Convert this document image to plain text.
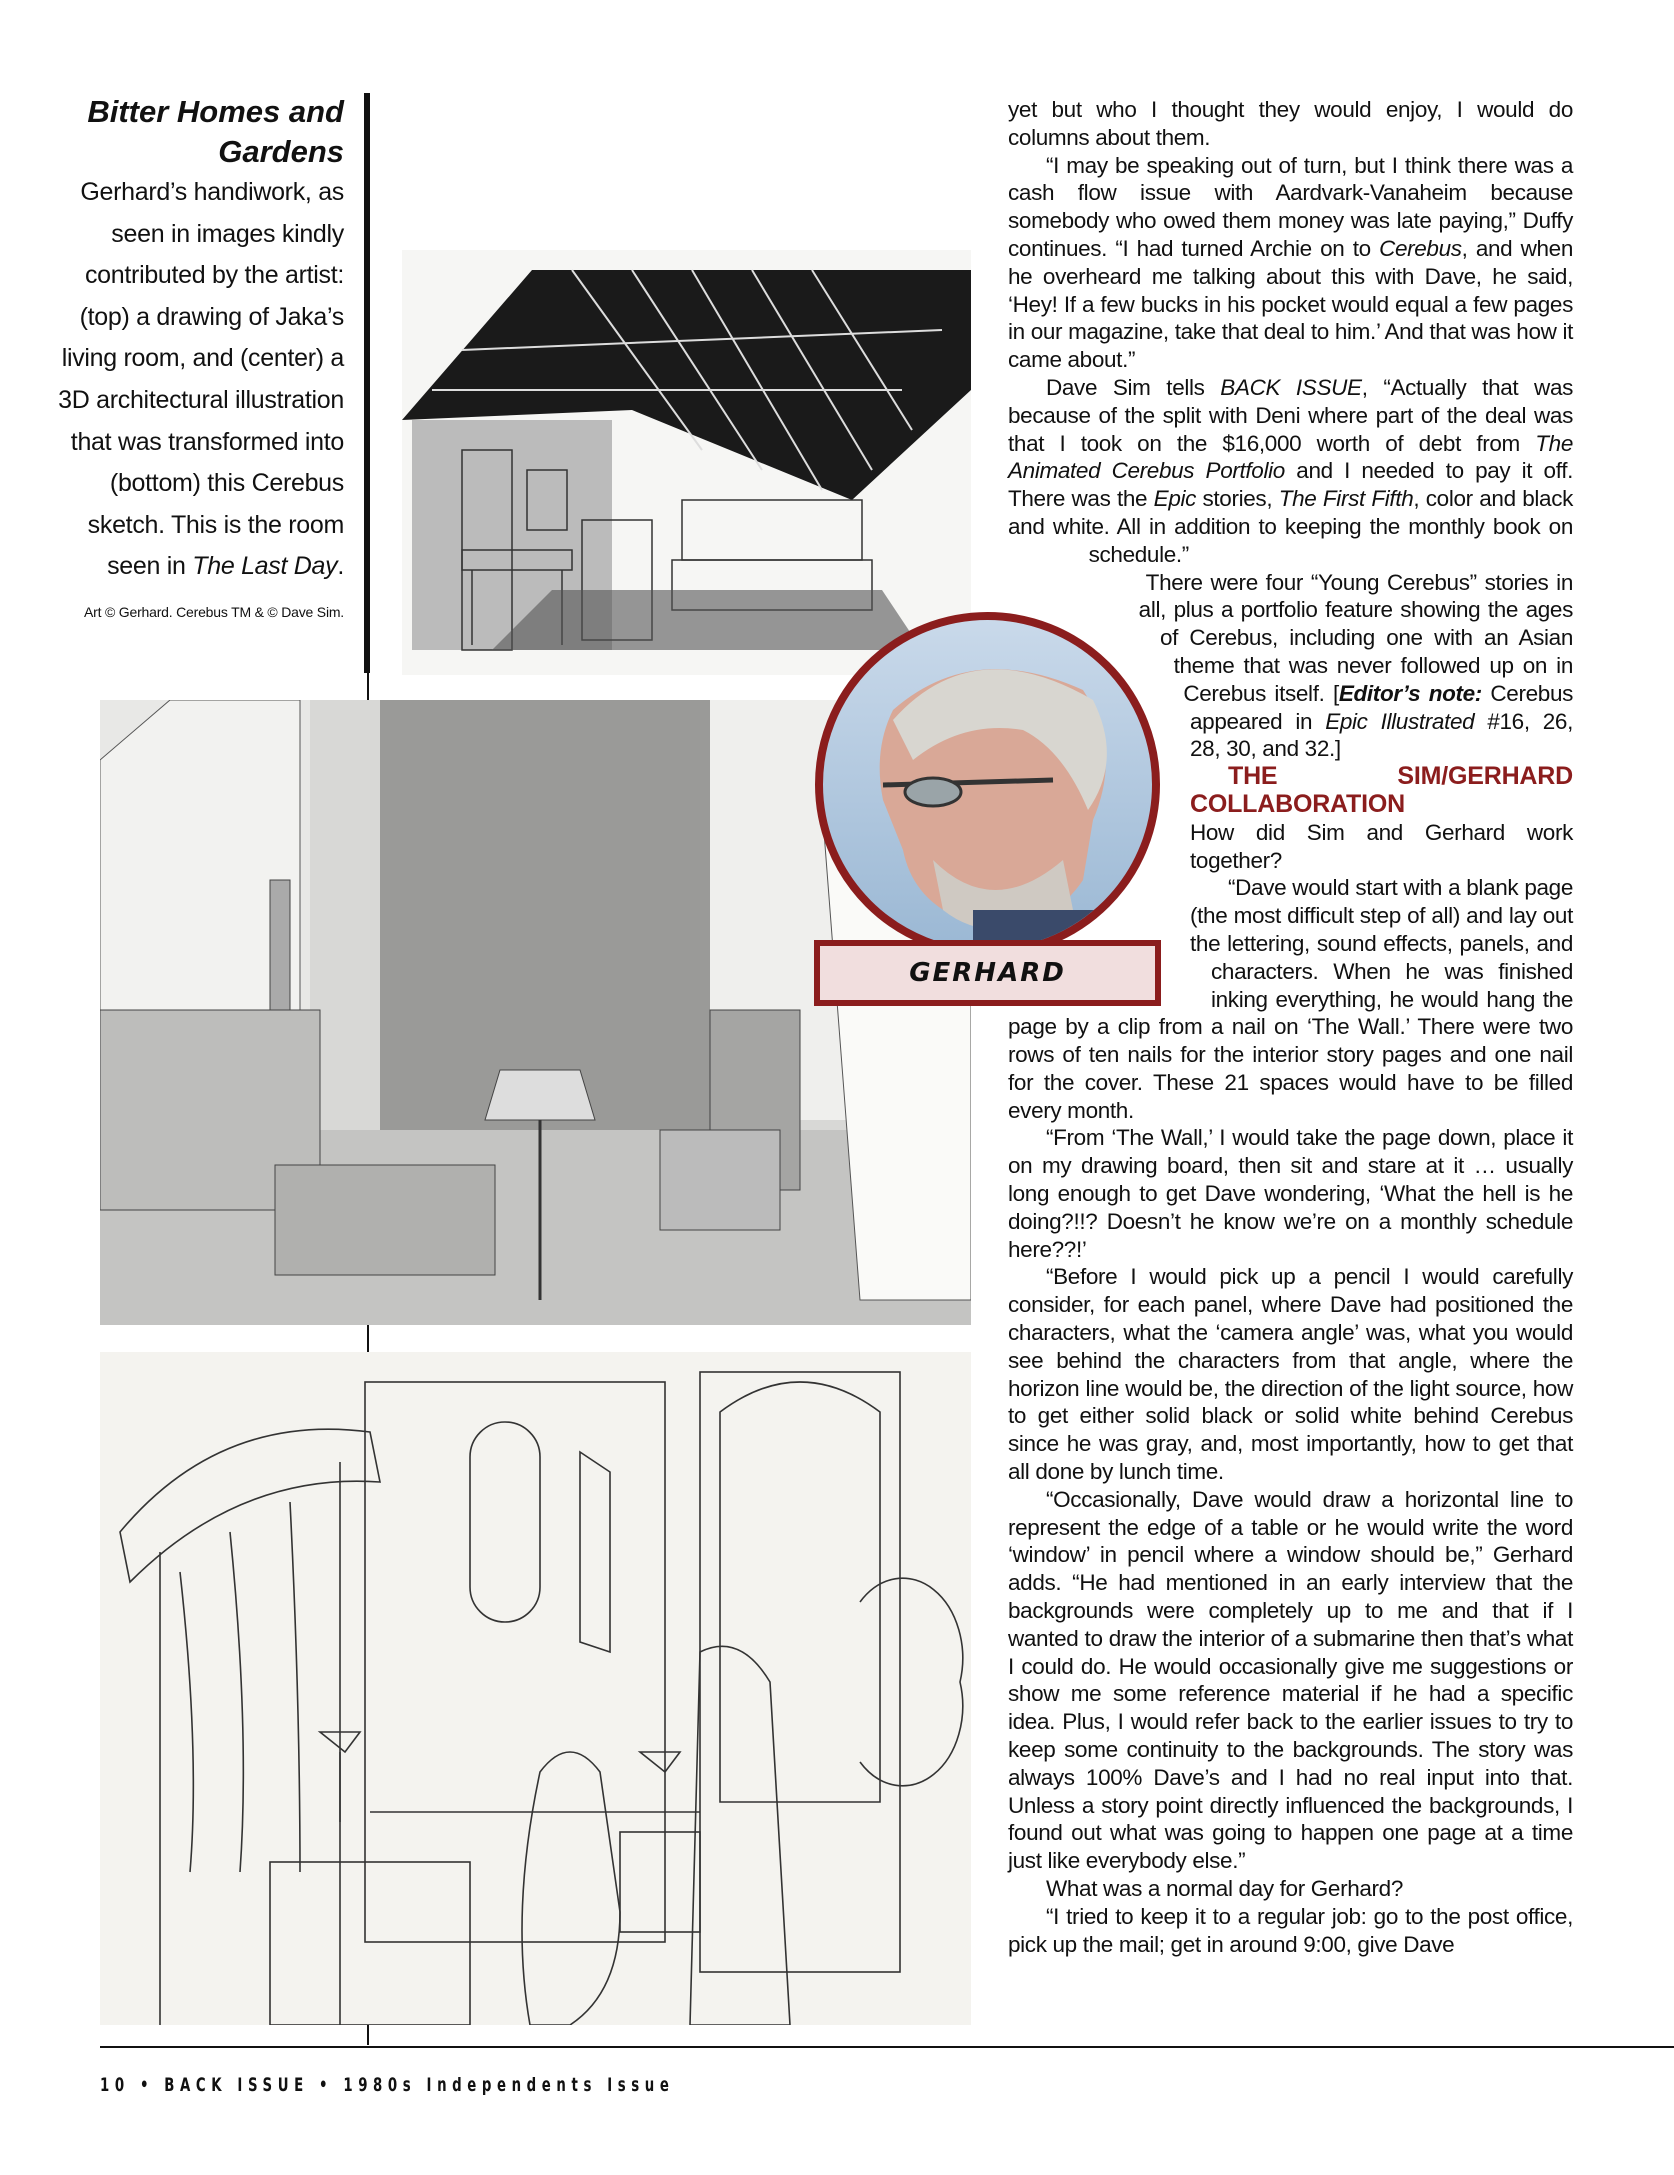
Bitter Homes and Gardens
Gerhard’s handiwork, as seen in images kindly contributed by the artist: (top) a drawing of Jaka’s living room, and (center) a 3D architectural illustration that was transformed into (bottom) this Cerebus sketch. This is the room seen in The Last Day.
Art © Gerhard. Cerebus TM & © Dave Sim.
GERHARD

yet but who I thought they would enjoy, I would do columns about them.

“I may be speaking out of turn, but I think there was a cash flow issue with Aardvark-Vanaheim because somebody who owed them money was late paying,” Duffy continues. “I had turned Archie on to Cerebus, and when he overheard me talking about this with Dave, he said, ‘Hey! If a few bucks in his pocket would equal a few pages in our magazine, take that deal to him.’ And that was how it came about.”

Dave Sim tells BACK ISSUE, “Actually that was because of the split with Deni where part of the deal was that I took on the $16,000 worth of debt from The Animated Cerebus Portfolio and I needed to pay it off. There was the Epic stories, The First Fifth, color and black and white. All in addition to keeping the monthly book on schedule.”

There were four “Young Cerebus” stories in all, plus a portfolio feature showing the ages of Cerebus, including one with an Asian theme that was never followed up on in Cerebus itself. [Editor’s note: Cerebus appeared in Epic Illustrated #16, 26, 28, 30, and 32.]

THE SIM/GERHARD COLLABORATION

How did Sim and Gerhard work together?

“Dave would start with a blank page (the most difficult step of all) and lay out the lettering, sound effects, panels, and characters. When he was finished inking everything, he would hang the page by a clip from a nail on ‘The Wall.’ There were two rows of ten nails for the interior story pages and one nail for the cover. These 21 spaces would have to be filled every month.

“From ‘The Wall,’ I would take the page down, place it on my drawing board, then sit and stare at it … usually long enough to get Dave wondering, ‘What the hell is he doing?!!? Doesn’t he know we’re on a monthly schedule here??!’

“Before I would pick up a pencil I would carefully consider, for each panel, where Dave had positioned the characters, what the ‘camera angle’ was, what you would see behind the characters from that angle, where the horizon line would be, the direction of the light source, how to get either solid black or solid white behind Cerebus since he was gray, and, most importantly, how to get that all done by lunch time.

“Occasionally, Dave would draw a horizontal line to represent the edge of a table or he would write the word ‘window’ in pencil where a window should be,” Gerhard adds. “He had mentioned in an early interview that the backgrounds were completely up to me and that if I wanted to draw the interior of a submarine then that’s what I could do. He would occasionally give me suggestions or show me some reference material if he had a specific idea. Plus, I would refer back to the earlier issues to try to keep some continuity to the backgrounds. The story was always 100% Dave’s and I had no real input into that. Unless a story point directly influenced the backgrounds, I found out what was going to happen one page at a time just like everybody else.”

What was a normal day for Gerhard?

“I tried to keep it to a regular job: go to the post office, pick up the mail; get in around 9:00, give Dave

10 • BACK ISSUE • 1980s Independents Issue
